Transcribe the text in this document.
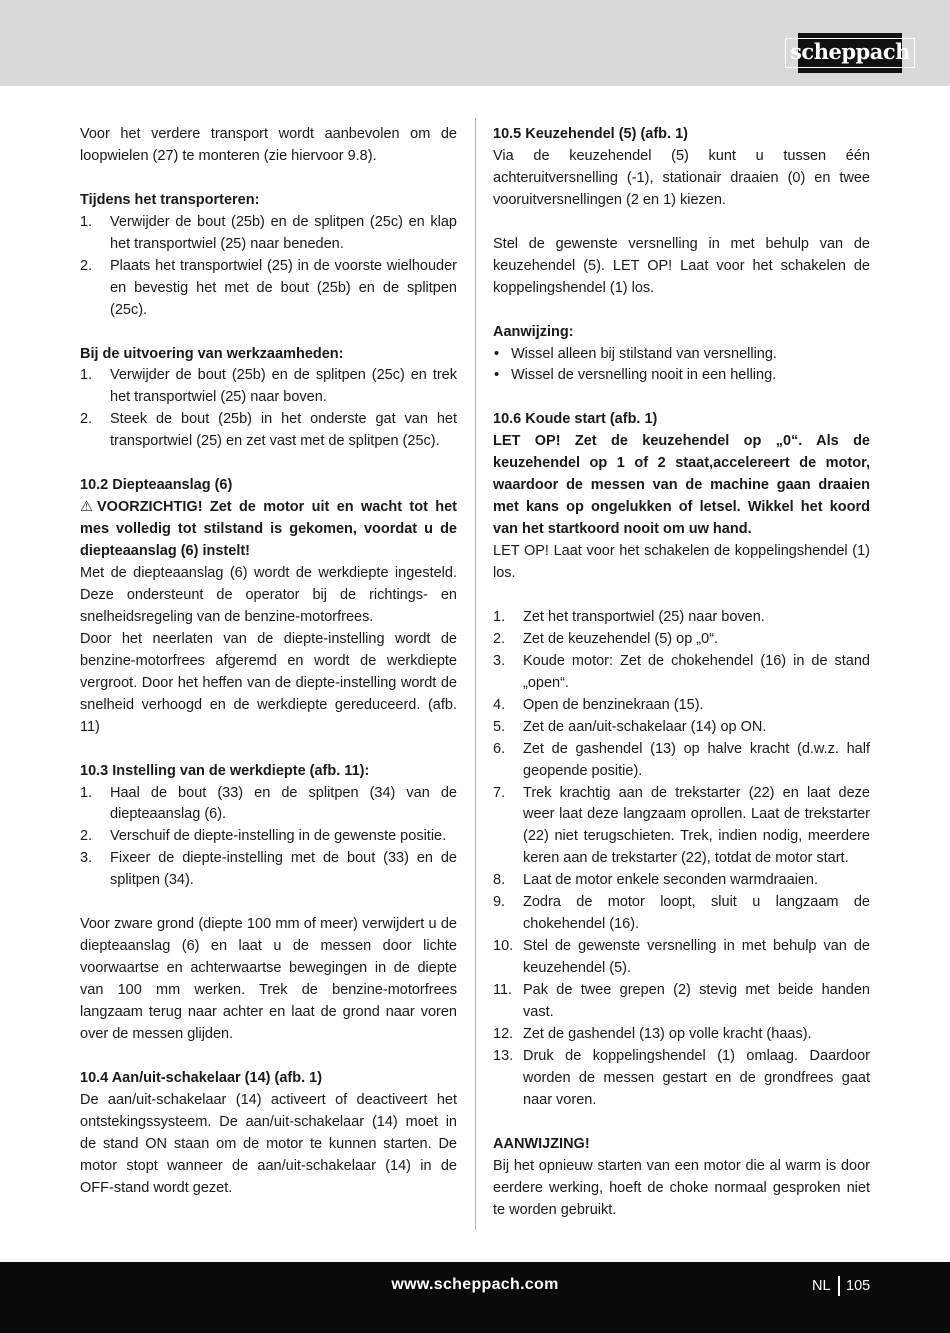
scheppach

Voor het verdere transport wordt aanbevolen om de loopwielen (27) te monteren (zie hiervoor 9.8).

Tijdens het transporteren:
1. Verwijder de bout (25b) en de splitpen (25c) en klap het transportwiel (25) naar beneden.
2. Plaats het transportwiel (25) in de voorste wielhouder en bevestig het met de bout (25b) en de splitpen (25c).
Bij de uitvoering van werkzaamheden:
1. Verwijder de bout (25b) en de splitpen (25c) en trek het transportwiel (25) naar boven.
2. Steek de bout (25b) in het onderste gat van het transportwiel (25) en zet vast met de splitpen (25c).
10.2 Diepteaanslag (6)

⚠ VOORZICHTIG! Zet de motor uit en wacht tot het mes volledig tot stilstand is gekomen, voordat u de diepteaanslag (6) instelt!

Met de diepteaanslag (6) wordt de werkdiepte ingesteld. Deze ondersteunt de operator bij de richtings- en snelheidsregeling van de benzine-motorfrees.

Door het neerlaten van de diepte-instelling wordt de benzine-motorfrees afgeremd en wordt de werkdiepte vergroot. Door het heffen van de diepte-instelling wordt de snelheid verhoogd en de werkdiepte gereduceerd. (afb. 11)

10.3 Instelling van de werkdiepte (afb. 11):
1. Haal de bout (33) en de splitpen (34) van de diepteaanslag (6).
2. Verschuif de diepte-instelling in de gewenste positie.
3. Fixeer de diepte-instelling met de bout (33) en de splitpen (34).

Voor zware grond (diepte 100 mm of meer) verwijdert u de diepteaanslag (6) en laat u de messen door lichte voorwaartse en achterwaartse bewegingen in de diepte van 100 mm werken. Trek de benzine-motorfrees langzaam terug naar achter en laat de grond naar voren over de messen glijden.

10.4 Aan/uit-schakelaar (14) (afb. 1)

De aan/uit-schakelaar (14) activeert of deactiveert het ontstekingssysteem. De aan/uit-schakelaar (14) moet in de stand ON staan om de motor te kunnen starten. De motor stopt wanneer de aan/uit-schakelaar (14) in de OFF-stand wordt gezet.

10.5 Keuzehendel (5) (afb. 1)

Via de keuzehendel (5) kunt u tussen één achteruitversnelling (-1), stationair draaien (0) en twee vooruitversnellingen (2 en 1) kiezen.

Stel de gewenste versnelling in met behulp van de keuzehendel (5). LET OP! Laat voor het schakelen de koppelingshendel (1) los.

Aanwijzing:
• Wissel alleen bij stilstand van versnelling.
• Wissel de versnelling nooit in een helling.
10.6 Koude start (afb. 1)

LET OP! Zet de keuzehendel op „0“. Als de keuzehendel op 1 of 2 staat,accelereert de motor, waardoor de messen van de machine gaan draaien met kans op ongelukken of letsel. Wikkel het koord van het startkoord nooit om uw hand.

LET OP! Laat voor het schakelen de koppelingshendel (1) los.

1. Zet het transportwiel (25) naar boven.
2. Zet de keuzehendel (5) op „0“.
3. Koude motor: Zet de chokehendel (16) in de stand „open“.
4. Open de benzinekraan (15).
5. Zet de aan/uit-schakelaar (14) op ON.
6. Zet de gashendel (13) op halve kracht (d.w.z. half geopende positie).
7. Trek krachtig aan de trekstarter (22) en laat deze weer laat deze langzaam oprollen. Laat de trekstarter (22) niet terugschieten. Trek, indien nodig, meerdere keren aan de trekstarter (22), totdat de motor start.
8. Laat de motor enkele seconden warmdraaien.
9. Zodra de motor loopt, sluit u langzaam de chokehendel (16).
10. Stel de gewenste versnelling in met behulp van de keuzehendel (5).
11. Pak de twee grepen (2) stevig met beide handen vast.
12. Zet de gashendel (13) op volle kracht (haas).
13. Druk de koppelingshendel (1) omlaag. Daardoor worden de messen gestart en de grondfrees gaat naar voren.
AANWIJZING!

Bij het opnieuw starten van een motor die al warm is door eerdere werking, hoeft de choke normaal gesproken niet te worden gebruikt.

www.scheppach.com	NL 105
